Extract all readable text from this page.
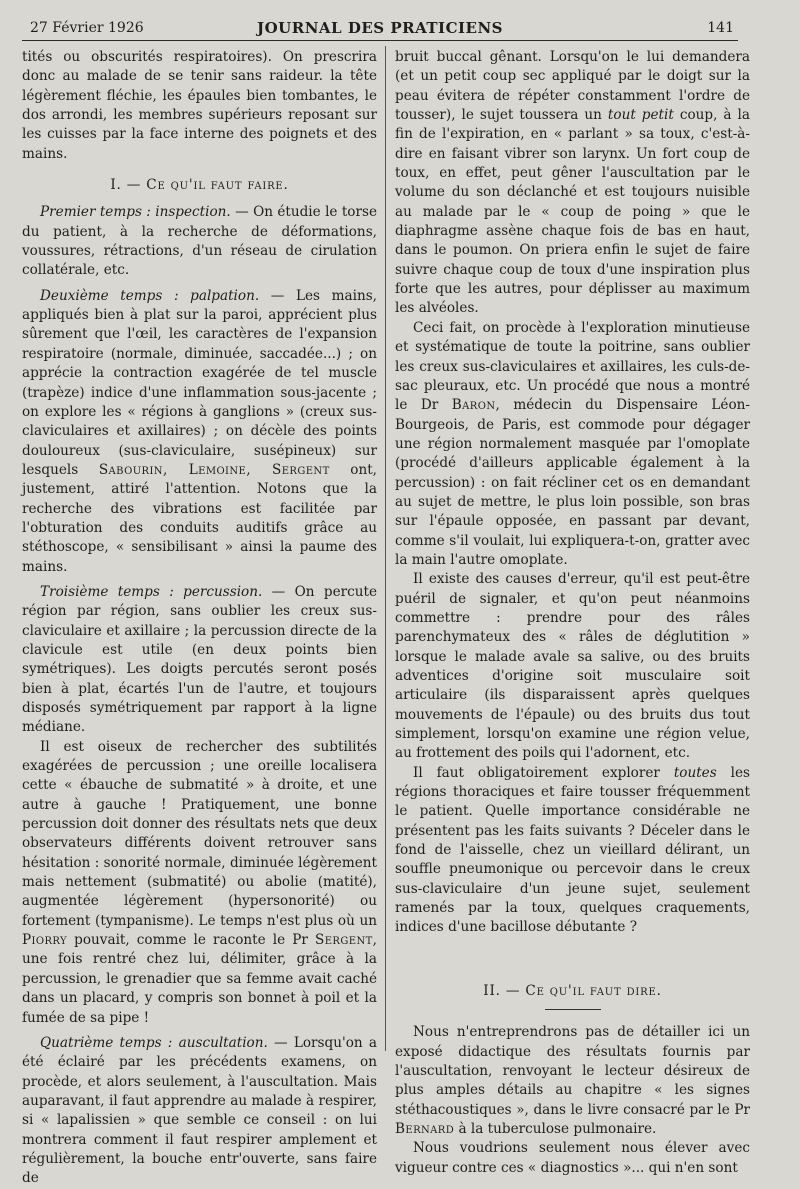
27 Février 1926	JOURNAL DES PRATICIENS	141

tités ou obscurités respiratoires). On prescrira donc au malade de se tenir sans raideur. la tête légèrement fléchie, les épaules bien tombantes, le dos arrondi, les membres supérieurs reposant sur les cuisses par la face interne des poignets et des mains.

I. — Ce qu'il faut faire.

Premier temps : inspection. — On étudie le torse du patient, à la recherche de déformations, voussures, rétractions, d'un réseau de cirulation collatérale, etc.

Deuxième temps : palpation. — Les mains, appliqués bien à plat sur la paroi, apprécient plus sûrement que l'œil, les caractères de l'expansion respiratoire (normale, diminuée, saccadée...) ; on apprécie la contraction exagérée de tel muscle (trapèze) indice d'une inflammation sous-jacente ; on explore les « régions à ganglions » (creux sus-claviculaires et axillaires) ; on décèle des points douloureux (sus-claviculaire, susépineux) sur lesquels Sabourin, Lemoine, Sergent ont, justement, attiré l'attention. Notons que la recherche des vibrations est facilitée par l'obturation des conduits auditifs grâce au stéthoscope, « sensibilisant » ainsi la paume des mains.

Troisième temps : percussion. — On percute région par région, sans oublier les creux sus-claviculaire et axillaire ; la percussion directe de la clavicule est utile (en deux points bien symétriques). Les doigts percutés seront posés bien à plat, écartés l'un de l'autre, et toujours disposés symétriquement par rapport à la ligne médiane.

Il est oiseux de rechercher des subtilités exagérées de percussion ; une oreille localisera cette « ébauche de submatité » à droite, et une autre à gauche ! Pratiquement, une bonne percussion doit donner des résultats nets que deux observateurs différents doivent retrouver sans hésitation : sonorité normale, diminuée légèrement mais nettement (submatité) ou abolie (matité), augmentée légèrement (hypersonorité) ou fortement (tympanisme). Le temps n'est plus où un Piorry pouvait, comme le raconte le Pr Sergent, une fois rentré chez lui, délimiter, grâce à la percussion, le grenadier que sa femme avait caché dans un placard, y compris son bonnet à poil et la fumée de sa pipe !

Quatrième temps : auscultation. — Lorsqu'on a été éclairé par les précédents examens, on procède, et alors seulement, à l'auscultation. Mais auparavant, il faut apprendre au malade à respirer, si « lapalissien » que semble ce conseil : on lui montrera comment il faut respirer amplement et régulièrement, la bouche entr'ouverte, sans faire de

bruit buccal gênant. Lorsqu'on le lui demandera (et un petit coup sec appliqué par le doigt sur la peau évitera de répéter constamment l'ordre de tousser), le sujet toussera un tout petit coup, à la fin de l'expiration, en « parlant » sa toux, c'est-à-dire en faisant vibrer son larynx. Un fort coup de toux, en effet, peut gêner l'auscultation par le volume du son déclanché et est toujours nuisible au malade par le « coup de poing » que le diaphragme assène chaque fois de bas en haut, dans le poumon. On priera enfin le sujet de faire suivre chaque coup de toux d'une inspiration plus forte que les autres, pour déplisser au maximum les alvéoles.

Ceci fait, on procède à l'exploration minutieuse et systématique de toute la poitrine, sans oublier les creux sus-claviculaires et axillaires, les culs-de-sac pleuraux, etc. Un procédé que nous a montré le Dr Baron, médecin du Dispensaire Léon-Bourgeois, de Paris, est commode pour dégager une région normalement masquée par l'omoplate (procédé d'ailleurs applicable également à la percussion) : on fait récliner cet os en demandant au sujet de mettre, le plus loin possible, son bras sur l'épaule opposée, en passant par devant, comme s'il voulait, lui expliquera-t-on, gratter avec la main l'autre omoplate.

Il existe des causes d'erreur, qu'il est peut-être puéril de signaler, et qu'on peut néanmoins commettre : prendre pour des râles parenchymateux des « râles de déglutition » lorsque le malade avale sa salive, ou des bruits adventices d'origine soit musculaire soit articulaire (ils disparaissent après quelques mouvements de l'épaule) ou des bruits dus tout simplement, lorsqu'on examine une région velue, au frottement des poils qui l'adornent, etc.

Il faut obligatoirement explorer toutes les régions thoraciques et faire tousser fréquemment le patient. Quelle importance considérable ne présentent pas les faits suivants ? Déceler dans le fond de l'aisselle, chez un vieillard délirant, un souffle pneumonique ou percevoir dans le creux sus-claviculaire d'un jeune sujet, seulement ramenés par la toux, quelques craquements, indices d'une bacillose débutante ?

II. — Ce qu'il faut dire.

Nous n'entreprendrons pas de détailler ici un exposé didactique des résultats fournis par l'auscultation, renvoyant le lecteur désireux de plus amples détails au chapitre « les signes stéthacoustiques », dans le livre consacré par le Pr Bernard à la tuberculose pulmonaire.

Nous voudrions seulement nous élever avec vigueur contre ces « diagnostics »... qui n'en sont
